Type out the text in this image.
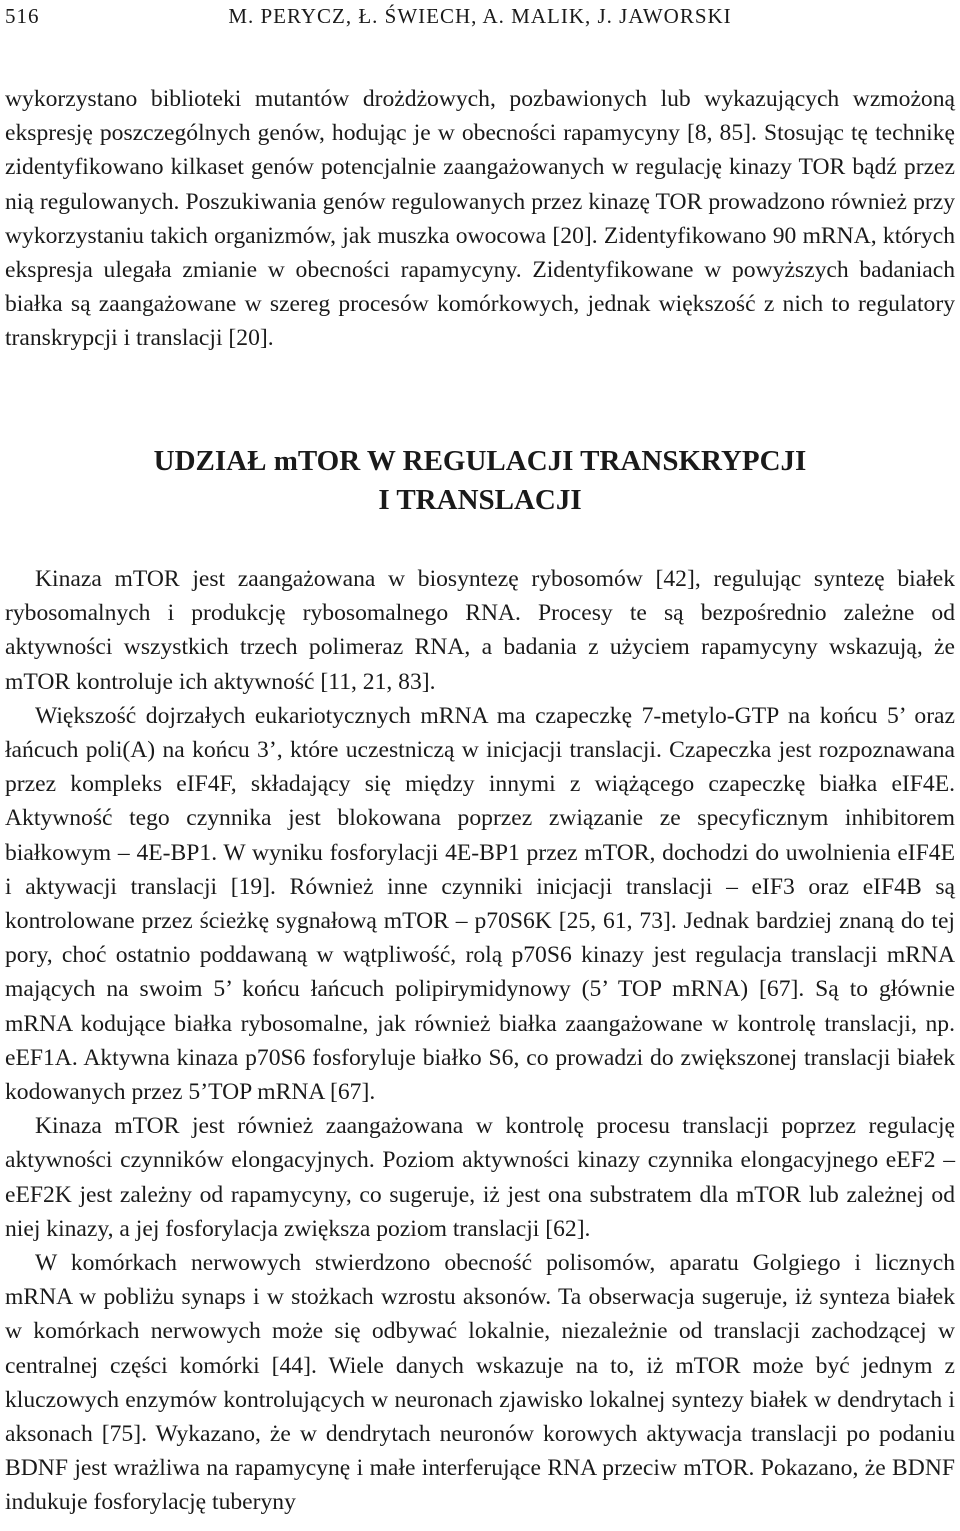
516	M. PERYCZ, Ł. ŚWIECH, A. MALIK, J. JAWORSKI

wykorzystano biblioteki mutantów drożdżowych, pozbawionych lub wykazujących wzmożoną ekspresję poszczególnych genów, hodując je w obecności rapamycyny [8, 85]. Stosując tę technikę zidentyfikowano kilkaset genów potencjalnie zaangażowanych w regulację kinazy TOR bądź przez nią regulowanych. Poszukiwania genów regulowanych przez kinazę TOR prowadzono również przy wykorzystaniu takich organizmów, jak muszka owocowa [20]. Zidentyfikowano 90 mRNA, których ekspresja ulegała zmianie w obecności rapamycyny. Zidentyfikowane w powyższych badaniach białka są zaangażowane w szereg procesów komórkowych, jednak większość z nich to regulatory transkrypcji i translacji [20].

UDZIAŁ mTOR W REGULACJI TRANSKRYPCJI
I TRANSLACJI

Kinaza mTOR jest zaangażowana w biosyntezę rybosomów [42], regulując syntezę białek rybosomalnych i produkcję rybosomalnego RNA. Procesy te są bezpośrednio zależne od aktywności wszystkich trzech polimeraz RNA, a badania z użyciem rapamycyny wskazują, że mTOR kontroluje ich aktywność [11, 21, 83].

Większość dojrzałych eukariotycznych mRNA ma czapeczkę 7-metylo-GTP na końcu 5’ oraz łańcuch poli(A) na końcu 3’, które uczestniczą w inicjacji translacji. Czapeczka jest rozpoznawana przez kompleks eIF4F, składający się między innymi z wiążącego czapeczkę białka eIF4E. Aktywność tego czynnika jest blokowana poprzez związanie ze specyficznym inhibitorem białkowym – 4E-BP1. W wyniku fosforylacji 4E-BP1 przez mTOR, dochodzi do uwolnienia eIF4E i aktywacji translacji [19]. Również inne czynniki inicjacji translacji – eIF3 oraz eIF4B są kontrolowane przez ścieżkę sygnałową mTOR – p70S6K [25, 61, 73]. Jednak bardziej znaną do tej pory, choć ostatnio poddawaną w wątpliwość, rolą p70S6 kinazy jest regulacja translacji mRNA mających na swoim 5’ końcu łańcuch polipirymidynowy (5’ TOP mRNA) [67]. Są to głównie mRNA kodujące białka rybosomalne, jak również białka zaangażowane w kontrolę translacji, np. eEF1A. Aktywna kinaza p70S6 fosforyluje białko S6, co prowadzi do zwiększonej translacji białek kodowanych przez 5’TOP mRNA [67].

Kinaza mTOR jest również zaangażowana w kontrolę procesu translacji poprzez regulację aktywności czynników elongacyjnych. Poziom aktywności kinazy czynnika elongacyjnego eEF2 – eEF2K jest zależny od rapamycyny, co sugeruje, iż jest ona substratem dla mTOR lub zależnej od niej kinazy, a jej fosforylacja zwiększa poziom translacji [62].

W komórkach nerwowych stwierdzono obecność polisomów, aparatu Golgiego i licznych mRNA w pobliżu synaps i w stożkach wzrostu aksonów. Ta obserwacja sugeruje, iż synteza białek w komórkach nerwowych może się odbywać lokalnie, niezależnie od translacji zachodzącej w centralnej części komórki [44]. Wiele danych wskazuje na to, iż mTOR może być jednym z kluczowych enzymów kontrolujących w neuronach zjawisko lokalnej syntezy białek w dendrytach i aksonach [75]. Wykazano, że w dendrytach neuronów korowych aktywacja translacji po podaniu BDNF jest wrażliwa na rapamycynę i małe interferujące RNA przeciw mTOR. Pokazano, że BDNF indukuje fosforylację tuberyny
